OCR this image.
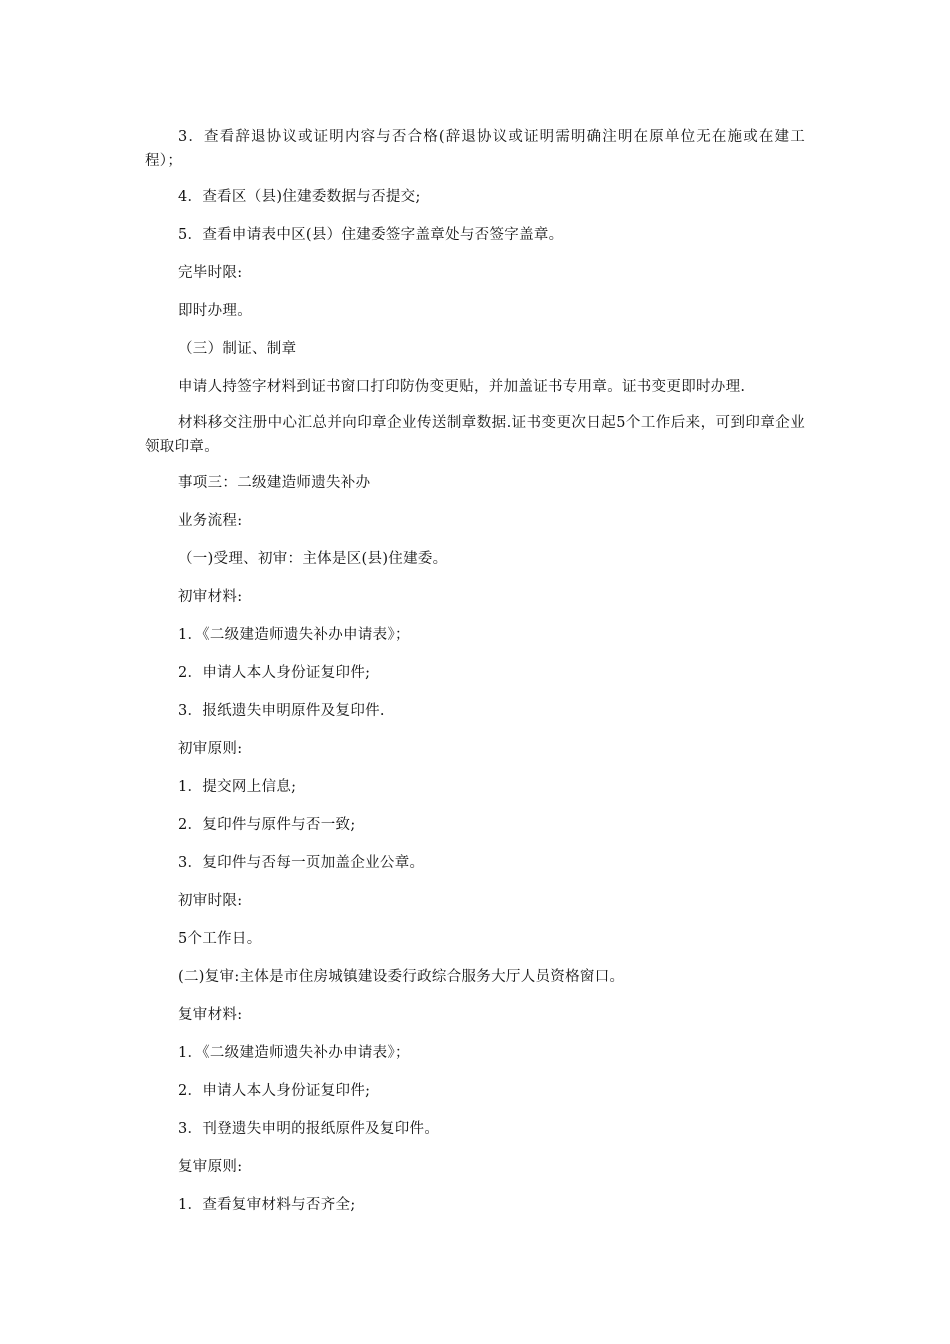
3．查看辞退协议或证明内容与否合格(辞退协议或证明需明确注明在原单位无在施或在建工程）；

4．查看区（县)住建委数据与否提交;

5．查看申请表中区(县）住建委签字盖章处与否签字盖章。

完毕时限:

即时办理。

（三）制证、制章

申请人持签字材料到证书窗口打印防伪变更贴，并加盖证书专用章。证书变更即时办理.

材料移交注册中心汇总并向印章企业传送制章数据.证书变更次日起5个工作后来，可到印章企业领取印章。

事项三：二级建造师遗失补办

业务流程:

（一)受理、初审：主体是区(县)住建委。

初审材料:

1．《二级建造师遗失补办申请表》；

2．申请人本人身份证复印件;

3．报纸遗失申明原件及复印件.

初审原则:

1．提交网上信息;

2．复印件与原件与否一致;

3．复印件与否每一页加盖企业公章。

初审时限:

5个工作日。

(二)复审:主体是市住房城镇建设委行政综合服务大厅人员资格窗口。

复审材料:

1．《二级建造师遗失补办申请表》；

2．申请人本人身份证复印件;

3．刊登遗失申明的报纸原件及复印件。

复审原则:

1．查看复审材料与否齐全;
